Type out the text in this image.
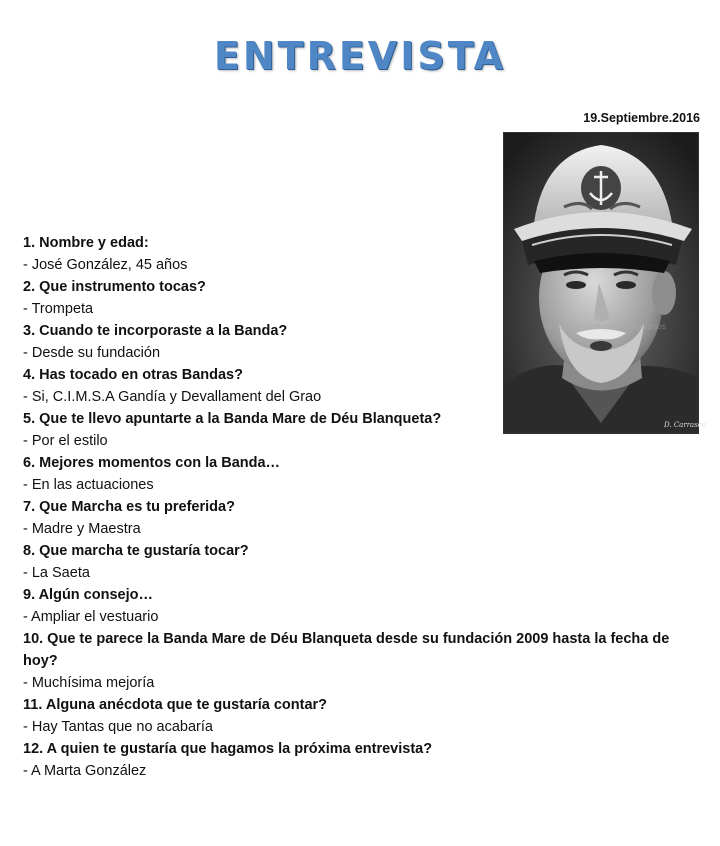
ENTREVISTA
19.Septiembre.2016
D. Carrasco
Todos los derechos reservados

1. Nombre y edad:

- José González, 45 años

2. Que instrumento tocas?

- Trompeta

3. Cuando te incorporaste a la Banda?

- Desde su fundación

4. Has tocado en otras Bandas?

- Si, C.I.M.S.A Gandía y Devallament del Grao

5. Que te llevo apuntarte a la Banda Mare de Déu Blanqueta?

- Por el estilo

6. Mejores momentos con la Banda…

- En las actuaciones

7. Que Marcha es tu preferida?

- Madre y Maestra

8. Que marcha te gustaría tocar?

- La Saeta

9. Algún consejo…

- Ampliar el vestuario

10. Que te parece la Banda Mare de Déu Blanqueta desde su fundación 2009 hasta la fecha de hoy?

- Muchísima mejoría

11. Alguna anécdota que te gustaría contar?

- Hay Tantas que no acabaría

12. A quien te gustaría que hagamos la próxima entrevista?

- A Marta González
